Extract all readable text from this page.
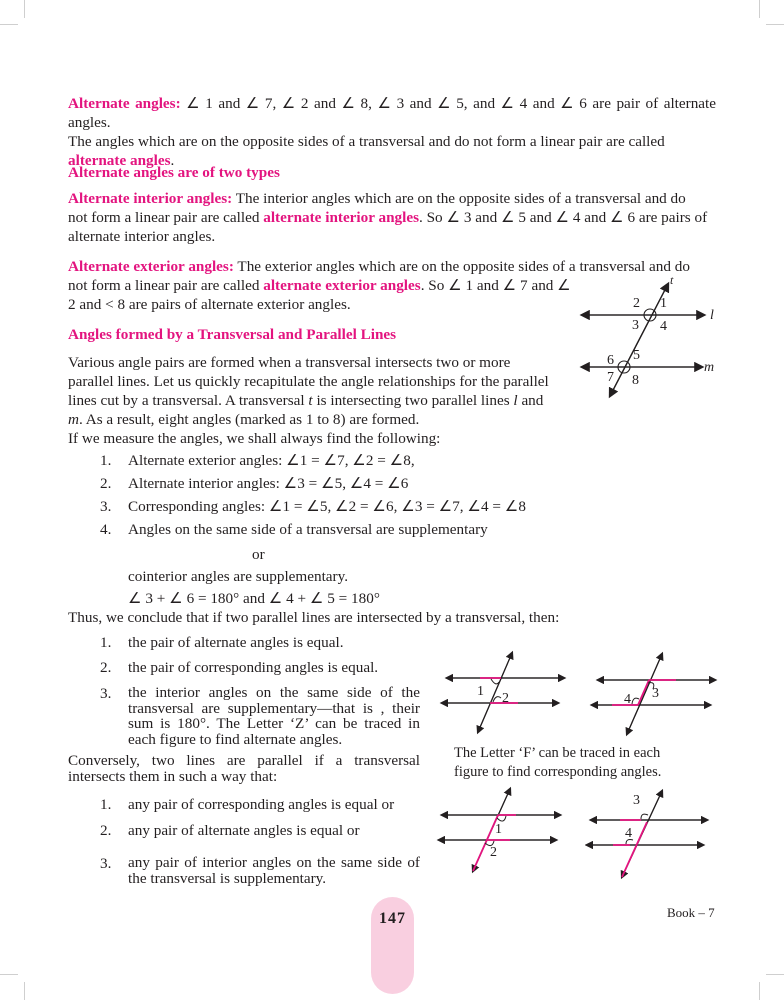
Alternate angles: ∠ 1 and ∠ 7, ∠ 2 and ∠ 8, ∠ 3 and ∠ 5, and ∠ 4 and ∠ 6 are pair of alternate angles.
The angles which are on the opposite sides of a transversal and do not form a linear pair are called
alternate angles.
Alternate angles are of two types
Alternate interior angles: The interior angles which are on the opposite sides of a transversal and do
not form a linear pair are called alternate interior angles. So ∠ 3 and ∠ 5 and ∠ 4 and ∠ 6 are pairs of
alternate interior angles.
Alternate exterior angles: The exterior angles which are on the opposite sides of a transversal and do
not form a linear pair are called alternate exterior angles. So ∠ 1 and ∠ 7 and ∠
2 and < 8 are pairs of alternate exterior angles.
t
l
m
1
2
3 4
5
6
7 8
Angles formed by a Transversal and Parallel Lines
Various angle pairs are formed when a transversal intersects two or more
parallel lines. Let us quickly recapitulate the angle relationships for the parallel
lines cut by a transversal. A transversal t is intersecting two parallel lines l and
m. As a result, eight angles (marked as 1 to 8) are formed.
If we measure the angles, we shall always find the following:
1.	Alternate exterior angles: ∠1 = ∠7, ∠2 = ∠8,
2.	Alternate interior angles: ∠3 = ∠5, ∠4 = ∠6
3.	Corresponding angles: ∠1 = ∠5, ∠2 = ∠6, ∠3 = ∠7, ∠4 = ∠8
4.	Angles on the same side of a transversal are supplementary
or
cointerior angles are supplementary.
∠ 3 + ∠ 6 = 180° and ∠ 4 + ∠ 5 = 180°
Thus, we conclude that if two parallel lines are intersected by a transversal, then:
1.	the pair of alternate angles is equal.
2.	the pair of corresponding angles is equal.
3.	the interior angles on the same side of the
transversal are supplementary—that is , their
sum is 180°. The Letter ‘Z’ can be traced in
each figure to find alternate angles.
Conversely, two lines are parallel if a transversal
intersects them in such a way that:
1.	any pair of corresponding angles is equal or
2.	any pair of alternate angles is equal or
3.	any pair of interior angles on the same side of
the transversal is supplementary.
1 2	3
4
The Letter ‘F’ can be traced in each
figure to find corresponding angles.
1
2
3
4
147	Book – 7
